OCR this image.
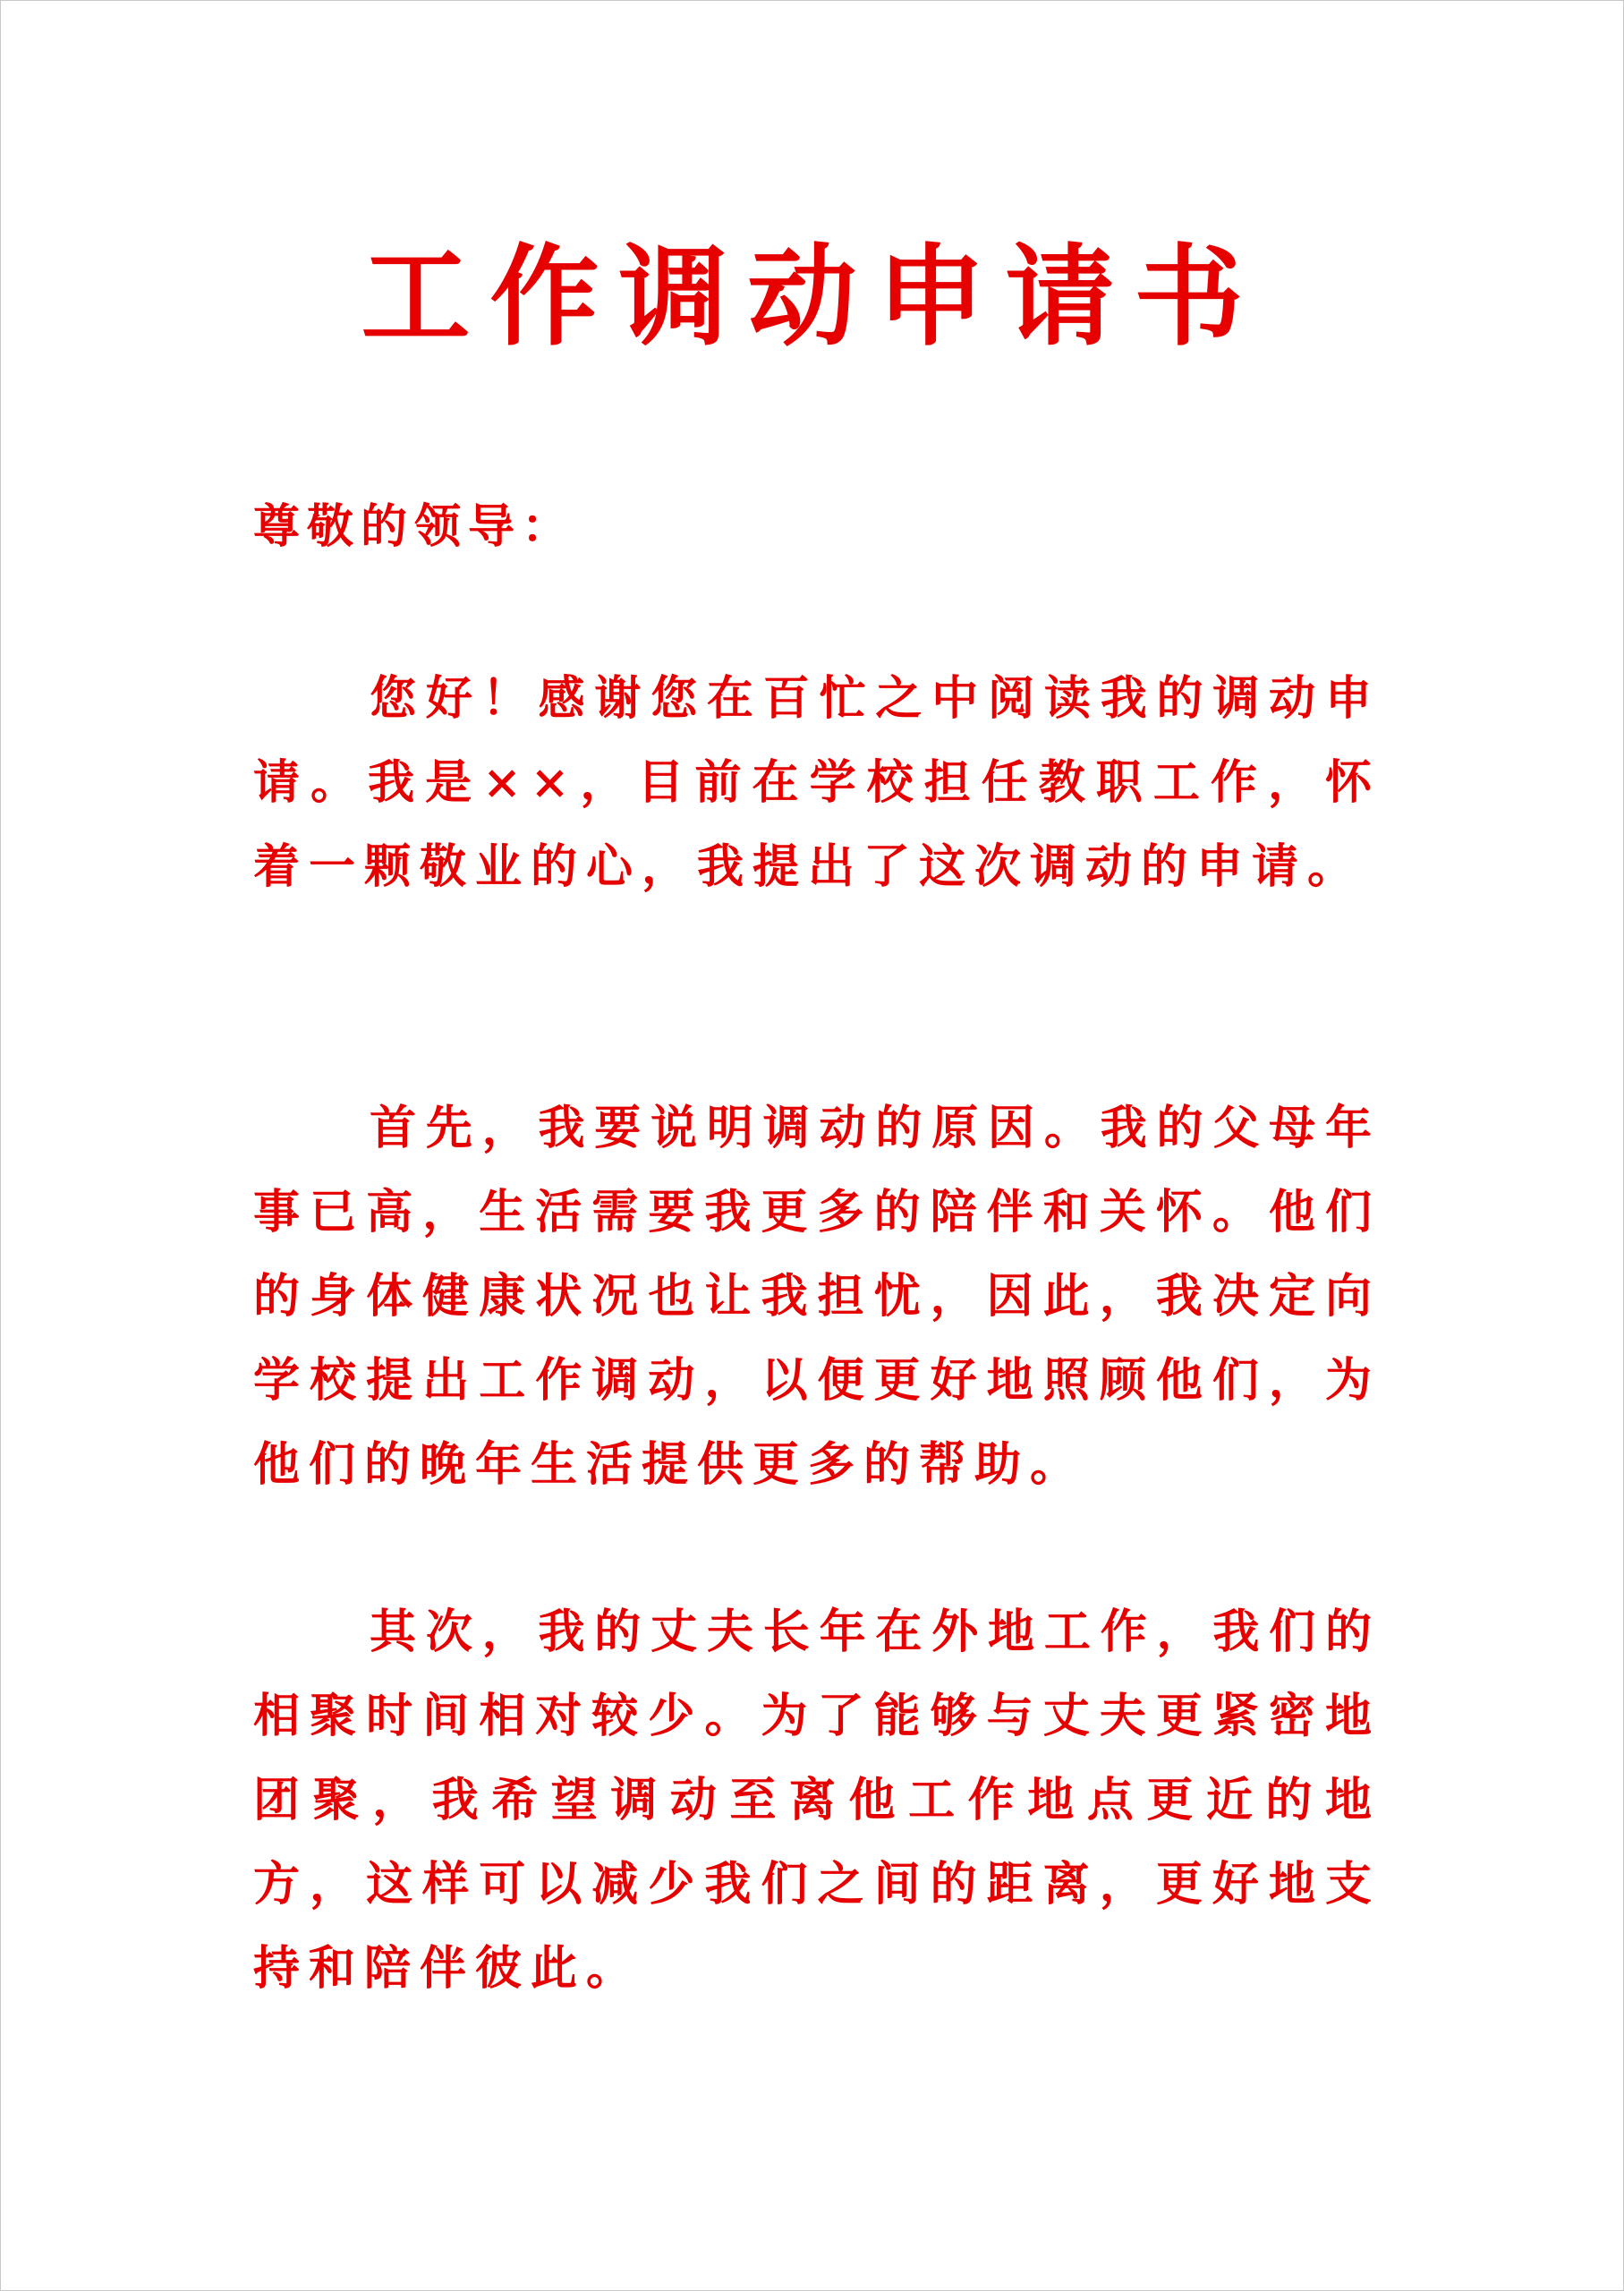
工作调动申请书
尊敬的领导：

您好！感谢您在百忙之中阅读我的调动申请。我是××，目前在学校担任教职工作，怀着一颗敬业的心，我提出了这次调动的申请。

首先，我要说明调动的原因。我的父母年事已高，生活需要我更多的陪伴和关怀。他们的身体健康状况也让我担忧，因此，我决定向学校提出工作调动，以便更好地照顾他们，为他们的晚年生活提供更多的帮助。

其次，我的丈夫长年在外地工作，我们的相聚时间相对较少。为了能够与丈夫更紧密地团聚，我希望调动至离他工作地点更近的地方，这样可以减少我们之间的距离，更好地支持和陪伴彼此。
